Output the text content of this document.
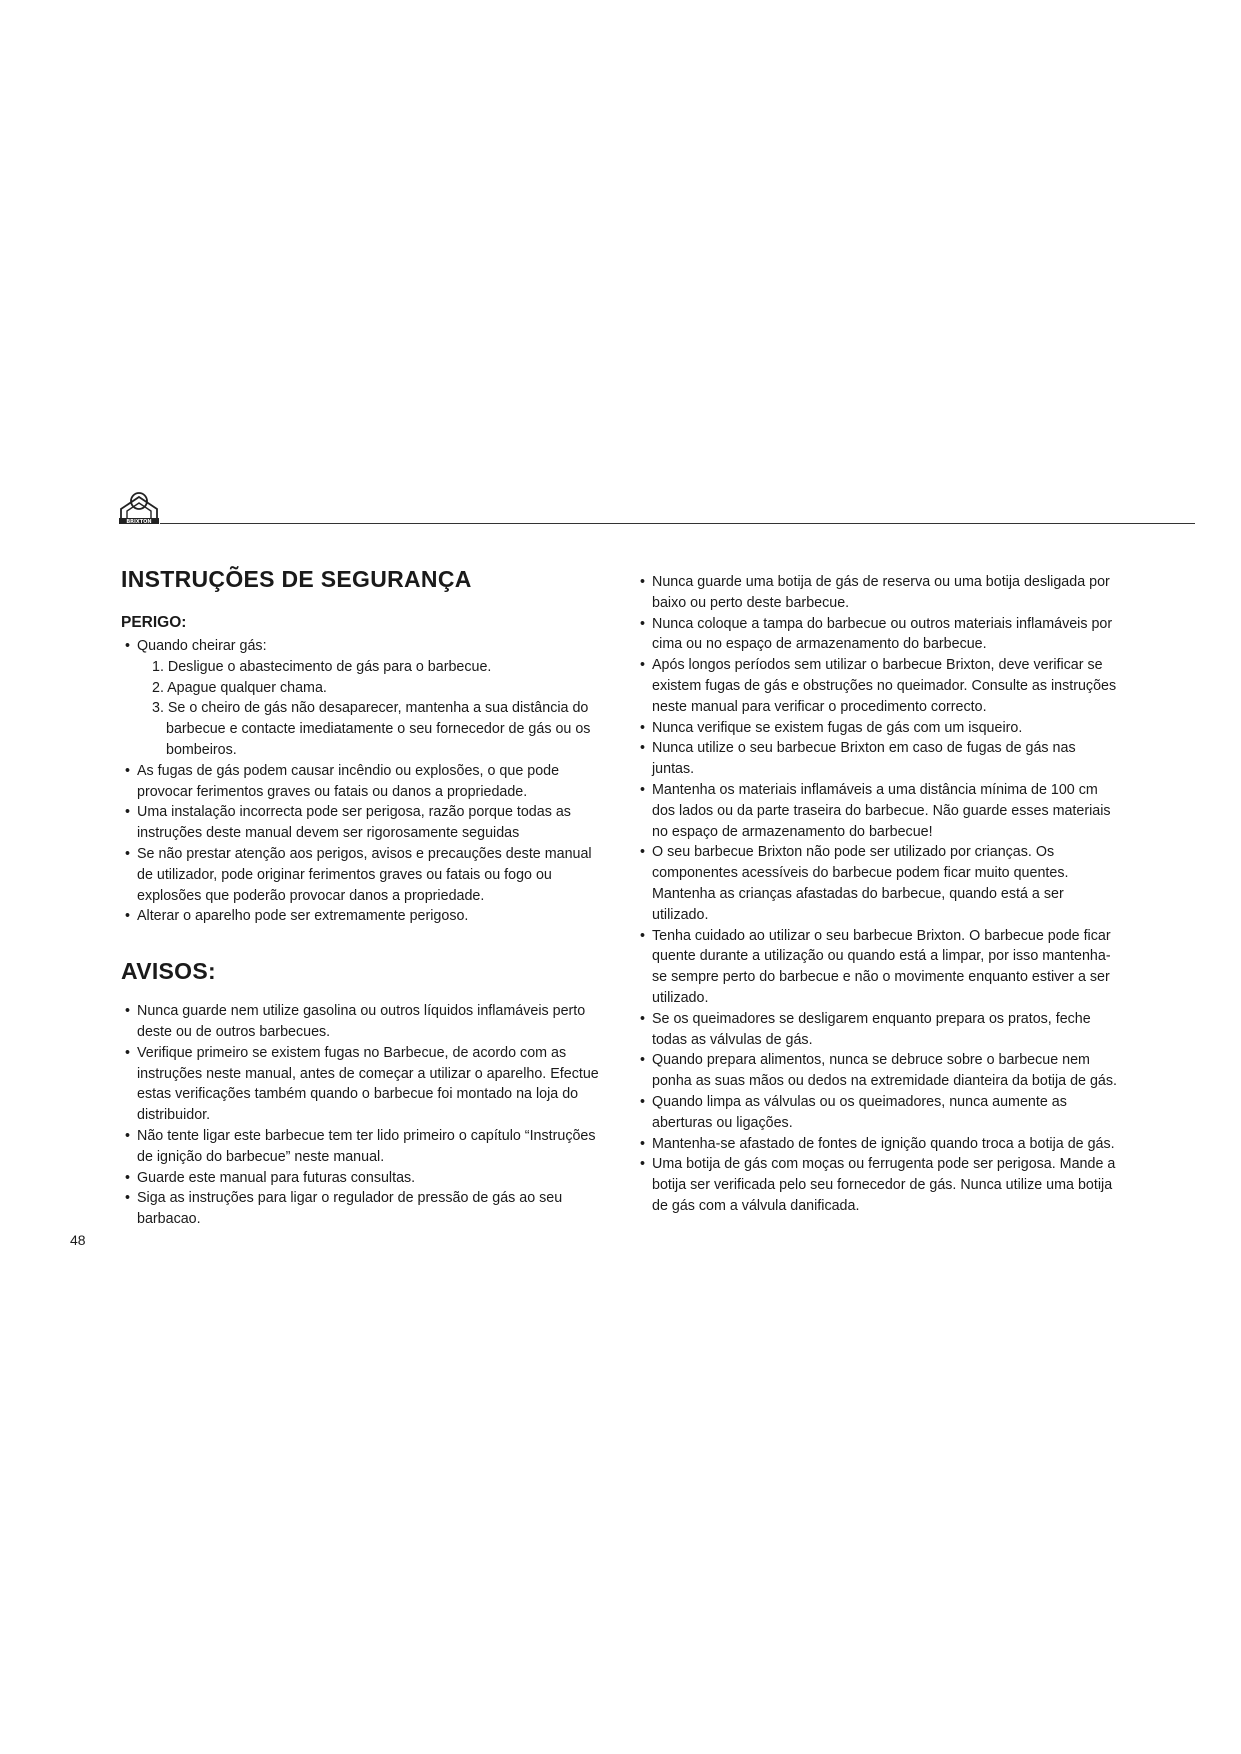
BRIXTON
INSTRUÇÕES DE SEGURANÇA
PERIGO:
• Quando cheirar gás:
1. Desligue o abastecimento de gás para o barbecue.
2. Apague qualquer chama.
3. Se o cheiro de gás não desaparecer, mantenha a sua distância do barbecue e contacte imediatamente o seu fornecedor de gás ou os bombeiros.
• As fugas de gás podem causar incêndio ou explosões, o que pode provocar ferimentos graves ou fatais ou danos a propriedade.
• Uma instalação incorrecta pode ser perigosa, razão porque todas as instruções deste manual devem ser rigorosamente seguidas
• Se não prestar atenção aos perigos, avisos e precauções deste manual de utilizador, pode originar ferimentos graves ou fatais ou fogo ou explosões que poderão provocar danos a propriedade.
• Alterar o aparelho pode ser extremamente perigoso.
AVISOS:
• Nunca guarde nem utilize gasolina ou outros líquidos inflamáveis perto deste ou de outros barbecues.
• Verifique primeiro se existem fugas no Barbecue, de acordo com as instruções neste manual, antes de começar a utilizar o aparelho. Efectue estas verificações também quando o barbecue foi montado na loja do distribuidor.
• Não tente ligar este barbecue tem ter lido primeiro o capítulo “Instruções de ignição do barbecue” neste manual.
• Guarde este manual para futuras consultas.
• Siga as instruções para ligar o regulador de pressão de gás ao seu barbacao.
• Nunca guarde uma botija de gás de reserva ou uma botija desligada por baixo ou perto deste barbecue.
• Nunca coloque a tampa do barbecue ou outros materiais inflamáveis por cima ou no espaço de armazenamento do barbecue.
• Após longos períodos sem utilizar o barbecue Brixton, deve verificar se existem fugas de gás e obstruções no queimador. Consulte as instruções neste manual para verificar o procedimento correcto.
• Nunca verifique se existem fugas de gás com um isqueiro.
• Nunca utilize o seu barbecue Brixton em caso de fugas de gás nas juntas.
• Mantenha os materiais inflamáveis a uma distância mínima de 100 cm dos lados ou da parte traseira do barbecue. Não guarde esses materiais no espaço de armazenamento do barbecue!
• O seu barbecue Brixton não pode ser utilizado por crianças. Os componentes acessíveis do barbecue podem ficar muito quentes. Mantenha as crianças afastadas do barbecue, quando está a ser utilizado.
• Tenha cuidado ao utilizar o seu barbecue Brixton. O barbecue pode ficar quente durante a utilização ou quando está a limpar, por isso mantenha-se sempre perto do barbecue e não o movimente enquanto estiver a ser utilizado.
• Se os queimadores se desligarem enquanto prepara os pratos, feche todas as válvulas de gás.
• Quando prepara alimentos, nunca se debruce sobre o barbecue nem ponha as suas mãos ou dedos na extremidade dianteira da botija de gás.
• Quando limpa as válvulas ou os queimadores, nunca aumente as aberturas ou ligações.
• Mantenha-se afastado de fontes de ignição quando troca a botija de gás.
• Uma botija de gás com moças ou ferrugenta pode ser perigosa. Mande a botija ser verificada pelo seu fornecedor de gás. Nunca utilize uma botija de gás com a válvula danificada.
48
